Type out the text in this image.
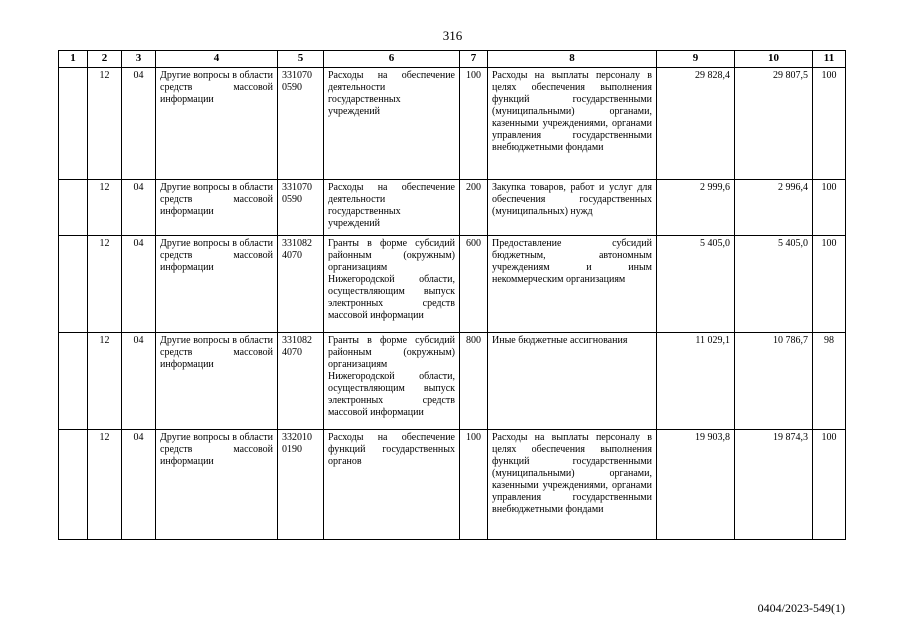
316
1	2	3	4	5	6	7	8	9	10	11
	12	04	Другие вопросы в области средств массовой информации	331070 0590	Расходы на обеспечение деятельности государственных учреждений	100	Расходы на выплаты персоналу в целях обеспечения выполнения функций государственными (муниципальными) органами, казенными учреждениями, органами управления государственными внебюджетными фондами	29 828,4	29 807,5	100
	12	04	Другие вопросы в области средств массовой информации	331070 0590	Расходы на обеспечение деятельности государственных учреждений	200	Закупка товаров, работ и услуг для обеспечения государственных (муниципальных) нужд	2 999,6	2 996,4	100
	12	04	Другие вопросы в области средств массовой информации	331082 4070	Гранты в форме субсидий районным (окружным) организациям Нижегородской области, осуществляющим выпуск электронных средств массовой информации	600	Предоставление субсидий бюджетным, автономным учреждениям и иным некоммерческим организациям	5 405,0	5 405,0	100
	12	04	Другие вопросы в области средств массовой информации	331082 4070	Гранты в форме субсидий районным (окружным) организациям Нижегородской области, осуществляющим выпуск электронных средств массовой информации	800	Иные бюджетные ассигнования	11 029,1	10 786,7	98
	12	04	Другие вопросы в области средств массовой информации	332010 0190	Расходы на обеспечение функций государственных органов	100	Расходы на выплаты персоналу в целях обеспечения выполнения функций государственными (муниципальными) органами, казенными учреждениями, органами управления государственными внебюджетными фондами	19 903,8	19 874,3	100
0404/2023-549(1)
